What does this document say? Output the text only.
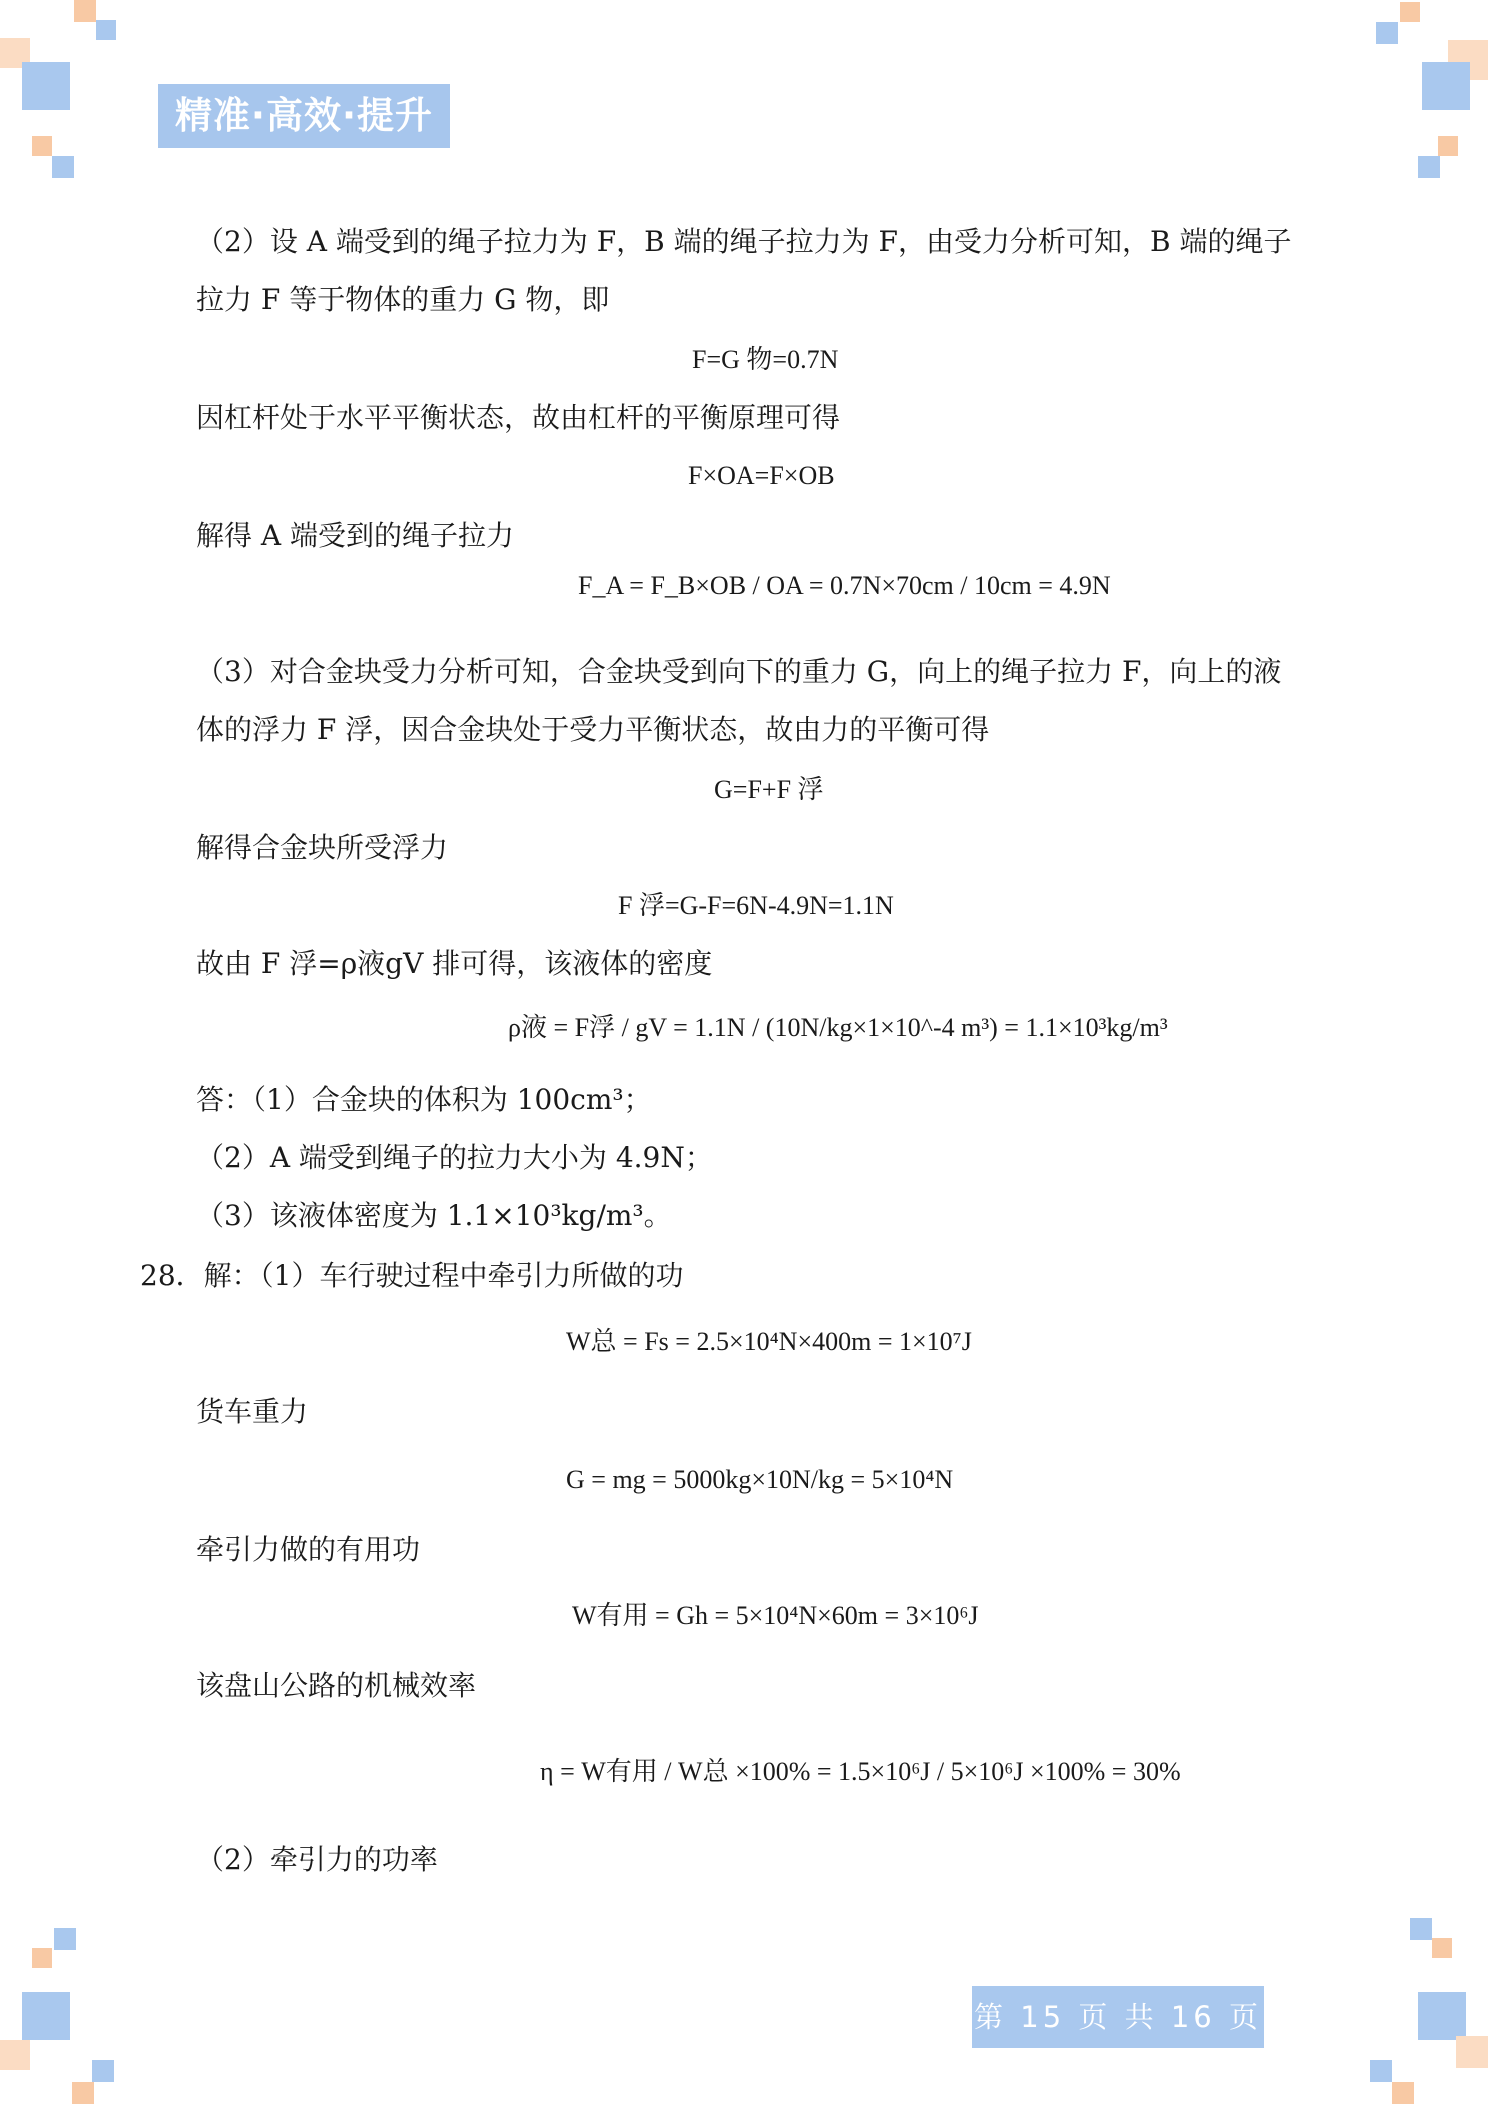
精准·高效·提升
（2）设 A 端受到的绳子拉力为 F，B 端的绳子拉力为 F，由受力分析可知，B 端的绳子
拉力 F 等于物体的重力 G 物，即
F=G 物=0.7N
因杠杆处于水平平衡状态，故由杠杆的平衡原理可得
F×OA=F×OB
解得 A 端受到的绳子拉力
F_A = F_B×OB / OA = 0.7N×70cm / 10cm = 4.9N
（3）对合金块受力分析可知，合金块受到向下的重力 G，向上的绳子拉力 F，向上的液
体的浮力 F 浮，因合金块处于受力平衡状态，故由力的平衡可得
G=F+F 浮
解得合金块所受浮力
F 浮=G-F=6N-4.9N=1.1N
故由 F 浮=ρ液gV 排可得，该液体的密度
ρ液 = F浮 / gV = 1.1N / (10N/kg×1×10^-4 m³) = 1.1×10³kg/m³
答：（1）合金块的体积为 100cm³；
（2）A 端受到绳子的拉力大小为 4.9N；
（3）该液体密度为 1.1×10³kg/m³。
28．解：（1）车行驶过程中牵引力所做的功
W总 = Fs = 2.5×10⁴N×400m = 1×10⁷J
货车重力
G = mg = 5000kg×10N/kg = 5×10⁴N
牵引力做的有用功
W有用 = Gh = 5×10⁴N×60m = 3×10⁶J
该盘山公路的机械效率
η = W有用 / W总 ×100% = 1.5×10⁶J / 5×10⁶J ×100% = 30%
（2）牵引力的功率
第 15 页 共 16 页
